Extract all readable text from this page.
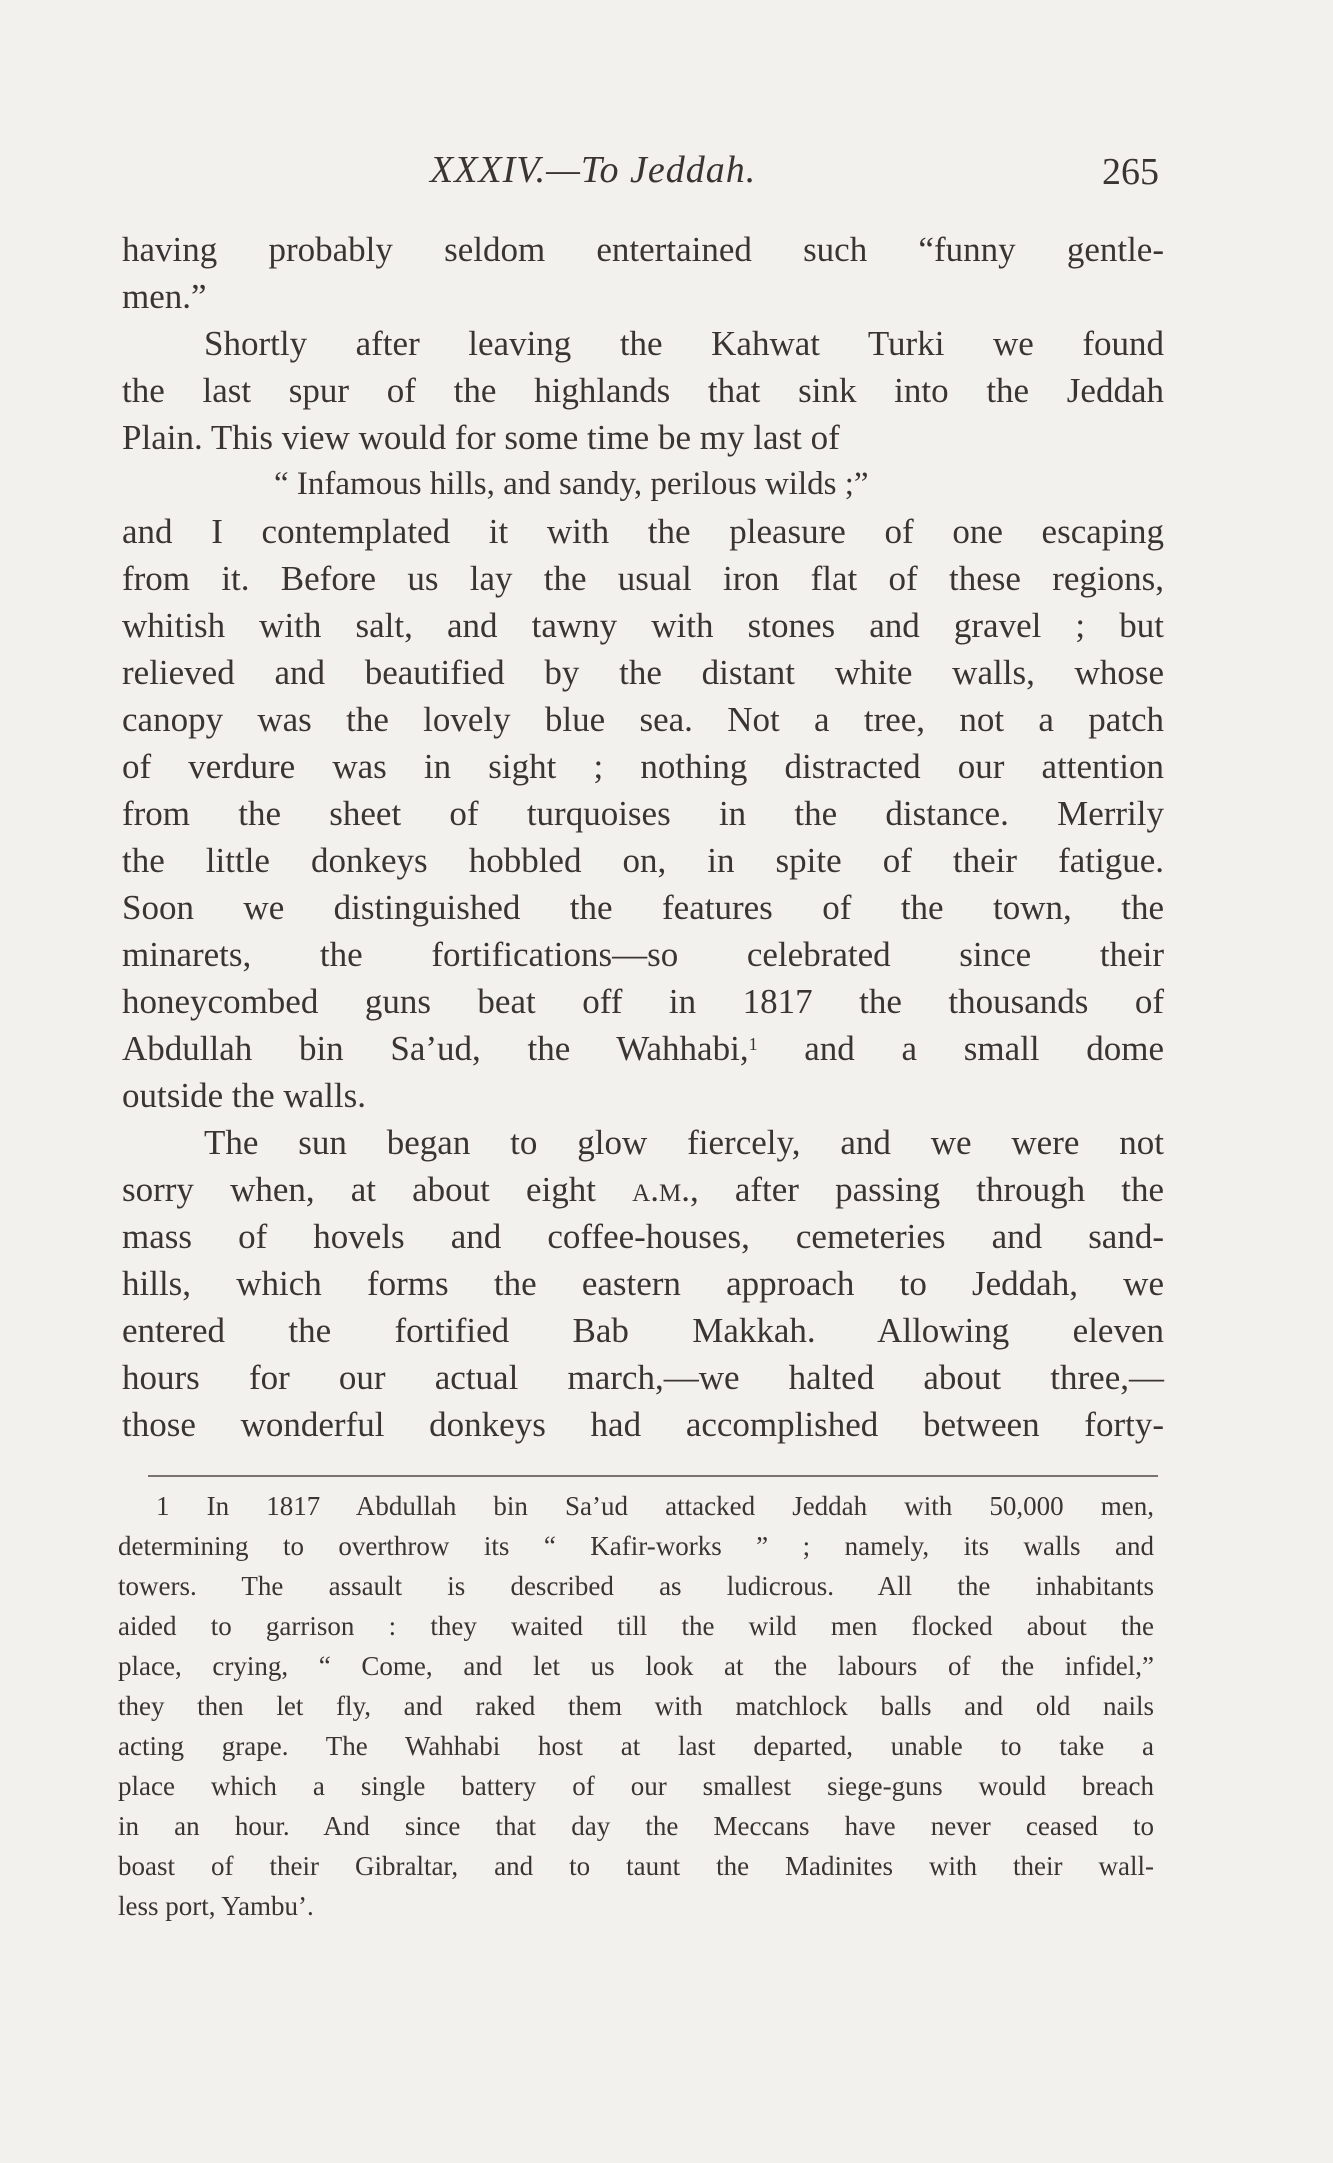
XXXIV.—To Jeddah.	265
having probably seldom entertained such “funny gentle-
men.”
Shortly after leaving the Kahwat Turki we found
the last spur of the highlands that sink into the Jeddah
Plain. This view would for some time be my last of
“ Infamous hills, and sandy, perilous wilds ;”
and I contemplated it with the pleasure of one escaping
from it. Before us lay the usual iron flat of these regions,
whitish with salt, and tawny with stones and gravel ; but
relieved and beautified by the distant white walls, whose
canopy was the lovely blue sea. Not a tree, not a patch
of verdure was in sight ; nothing distracted our attention
from the sheet of turquoises in the distance. Merrily
the little donkeys hobbled on, in spite of their fatigue.
Soon we distinguished the features of the town, the
minarets, the fortifications—so celebrated since their
honeycombed guns beat off in 1817 the thousands of
Abdullah bin Sa’ud, the Wahhabi,$^1$ and a small dome
outside the walls.
The sun began to glow fiercely, and we were not
sorry when, at about eight a.m., after passing through the
mass of hovels and coffee-houses, cemeteries and sand-
hills, which forms the eastern approach to Jeddah, we
entered the fortified Bab Makkah. Allowing eleven
hours for our actual march,—we halted about three,—
those wonderful donkeys had accomplished between forty-
1 In 1817 Abdullah bin Sa’ud attacked Jeddah with 50,000 men,
determining to overthrow its “ Kafir-works ” ; namely, its walls and
towers. The assault is described as ludicrous. All the inhabitants
aided to garrison : they waited till the wild men flocked about the
place, crying, “ Come, and let us look at the labours of the infidel,”
they then let fly, and raked them with matchlock balls and old nails
acting grape. The Wahhabi host at last departed, unable to take a
place which a single battery of our smallest siege-guns would breach
in an hour. And since that day the Meccans have never ceased to
boast of their Gibraltar, and to taunt the Madinites with their wall-
less port, Yambu’.
